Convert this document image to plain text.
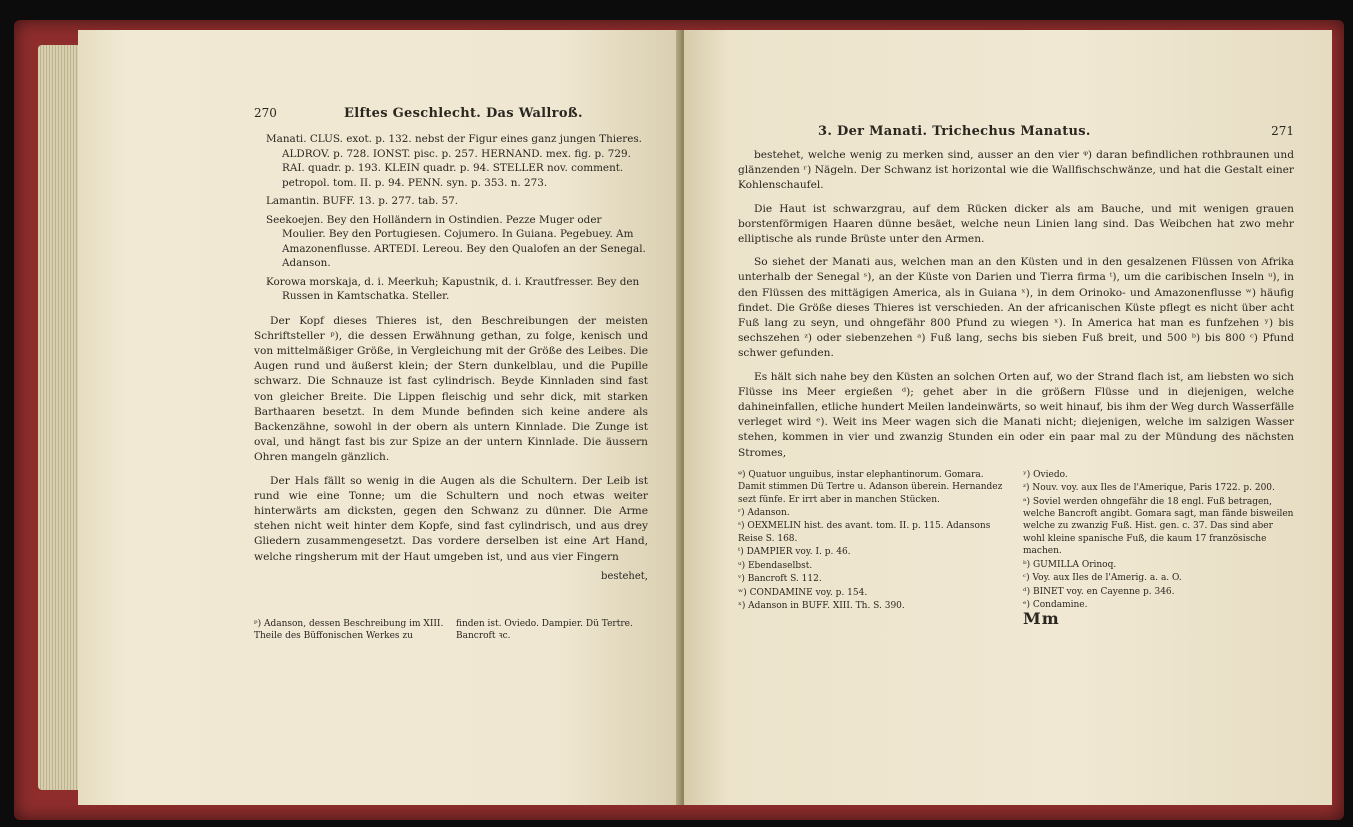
270	Elftes Geschlecht. Das Wallroß.

Manati. CLUS. exot. p. 132. nebst der Figur eines ganz jungen Thieres. ALDROV. p. 728. IONST. pisc. p. 257. HERNAND. mex. fig. p. 729. RAI. quadr. p. 193. KLEIN quadr. p. 94. STELLER nov. comment. petropol. tom. II. p. 94. PENN. syn. p. 353. n. 273.

Lamantin. BUFF. 13. p. 277. tab. 57.

Seekoejen. Bey den Holländern in Ostindien. Pezze Muger oder Moulier. Bey den Portugiesen. Cojumero. In Guiana. Pegebuey. Am Amazonenflusse. ARTEDI. Lereou. Bey den Qualofen an der Senegal. Adanson.

Korowa morskaja, d. i. Meerkuh; Kapustnik, d. i. Krautfresser. Bey den Russen in Kamtschatka. Steller.

Der Kopf dieses Thieres ist, den Beschreibungen der meisten Schriftsteller ᵖ), die dessen Erwähnung gethan, zu folge, kenisch und von mittelmäßiger Größe, in Vergleichung mit der Größe des Leibes. Die Augen rund und äußerst klein; der Stern dunkelblau, und die Pupille schwarz. Die Schnauze ist fast cylindrisch. Beyde Kinnladen sind fast von gleicher Breite. Die Lippen fleischig und sehr dick, mit starken Barthaaren besetzt. In dem Munde befinden sich keine andere als Backenzähne, sowohl in der obern als untern Kinnlade. Die Zunge ist oval, und hängt fast bis zur Spize an der untern Kinnlade. Die äussern Ohren mangeln gänzlich.

Der Hals fällt so wenig in die Augen als die Schultern. Der Leib ist rund wie eine Tonne; um die Schultern und noch etwas weiter hinterwärts am dicksten, gegen den Schwanz zu dünner. Die Arme stehen nicht weit hinter dem Kopfe, sind fast cylindrisch, und aus drey Gliedern zusammengesetzt. Das vordere derselben ist eine Art Hand, welche ringsherum mit der Haut umgeben ist, und aus vier Fingern

bestehet,
ᵖ) Adanson, dessen Beschreibung im XIII. Theile des Büffonischen Werkes zu
finden ist. Oviedo. Dampier. Dü Tertre. Bancroft ꝛc.
3. Der Manati. Trichechus Manatus.	271

bestehet, welche wenig zu merken sind, ausser an den vier ᵠ) daran befindlichen rothbraunen und glänzenden ʳ) Nägeln. Der Schwanz ist horizontal wie die Wallfischschwänze, und hat die Gestalt einer Kohlenschaufel.

Die Haut ist schwarzgrau, auf dem Rücken dicker als am Bauche, und mit wenigen grauen borstenförmigen Haaren dünne besäet, welche neun Linien lang sind. Das Weibchen hat zwo mehr elliptische als runde Brüste unter den Armen.

So siehet der Manati aus, welchen man an den Küsten und in den gesalzenen Flüssen von Afrika unterhalb der Senegal ˢ), an der Küste von Darien und Tierra firma ᵗ), um die caribischen Inseln ᵘ), in den Flüssen des mittägigen America, als in Guiana ˣ), in dem Orinoko- und Amazonenflusse ʷ) häufig findet. Die Größe dieses Thieres ist verschieden. An der africanischen Küste pflegt es nicht über acht Fuß lang zu seyn, und ohngefähr 800 Pfund zu wiegen ˣ). In America hat man es funfzehen ʸ) bis sechszehen ᶻ) oder siebenzehen ᵃ) Fuß lang, sechs bis sieben Fuß breit, und 500 ᵇ) bis 800 ᶜ) Pfund schwer gefunden.

Es hält sich nahe bey den Küsten an solchen Orten auf, wo der Strand flach ist, am liebsten wo sich Flüsse ins Meer ergießen ᵈ); gehet aber in die größern Flüsse und in diejenigen, welche dahineinfallen, etliche hundert Meilen landeinwärts, so weit hinauf, bis ihm der Weg durch Wasserfälle verleget wird ᵉ). Weit ins Meer wagen sich die Manati nicht; diejenigen, welche im salzigen Wasser stehen, kommen in vier und zwanzig Stunden ein oder ein paar mal zu der Mündung des nächsten Stromes,

ᵠ) Quatuor unguibus, instar elephantinorum. Gomara. Damit stimmen Dü Tertre u. Adanson überein. Hernandez sezt fünfe. Er irrt aber in manchen Stücken.
ʳ) Adanson.
ˢ) OEXMELIN hist. des avant. tom. II. p. 115. Adansons Reise S. 168.
ᵗ) DAMPIER voy. I. p. 46.
ᵘ) Ebendaselbst.
ᵛ) Bancroft S. 112.
ʷ) CONDAMINE voy. p. 154.
ˣ) Adanson in BUFF. XIII. Th. S. 390.
ʸ) Oviedo.
ᶻ) Nouv. voy. aux Iles de l'Amerique, Paris 1722. p. 200.
ᵃ) Soviel werden ohngefähr die 18 engl. Fuß betragen, welche Bancroft angibt. Gomara sagt, man fände bisweilen welche zu zwanzig Fuß. Hist. gen. c. 37. Das sind aber wohl kleine spanische Fuß, die kaum 17 französische machen.
ᵇ) GUMILLA Orinoq.
ᶜ) Voy. aux Iles de l'Amerig. a. a. O.
ᵈ) BINET voy. en Cayenne p. 346.
ᵉ) Condamine.
Mm
